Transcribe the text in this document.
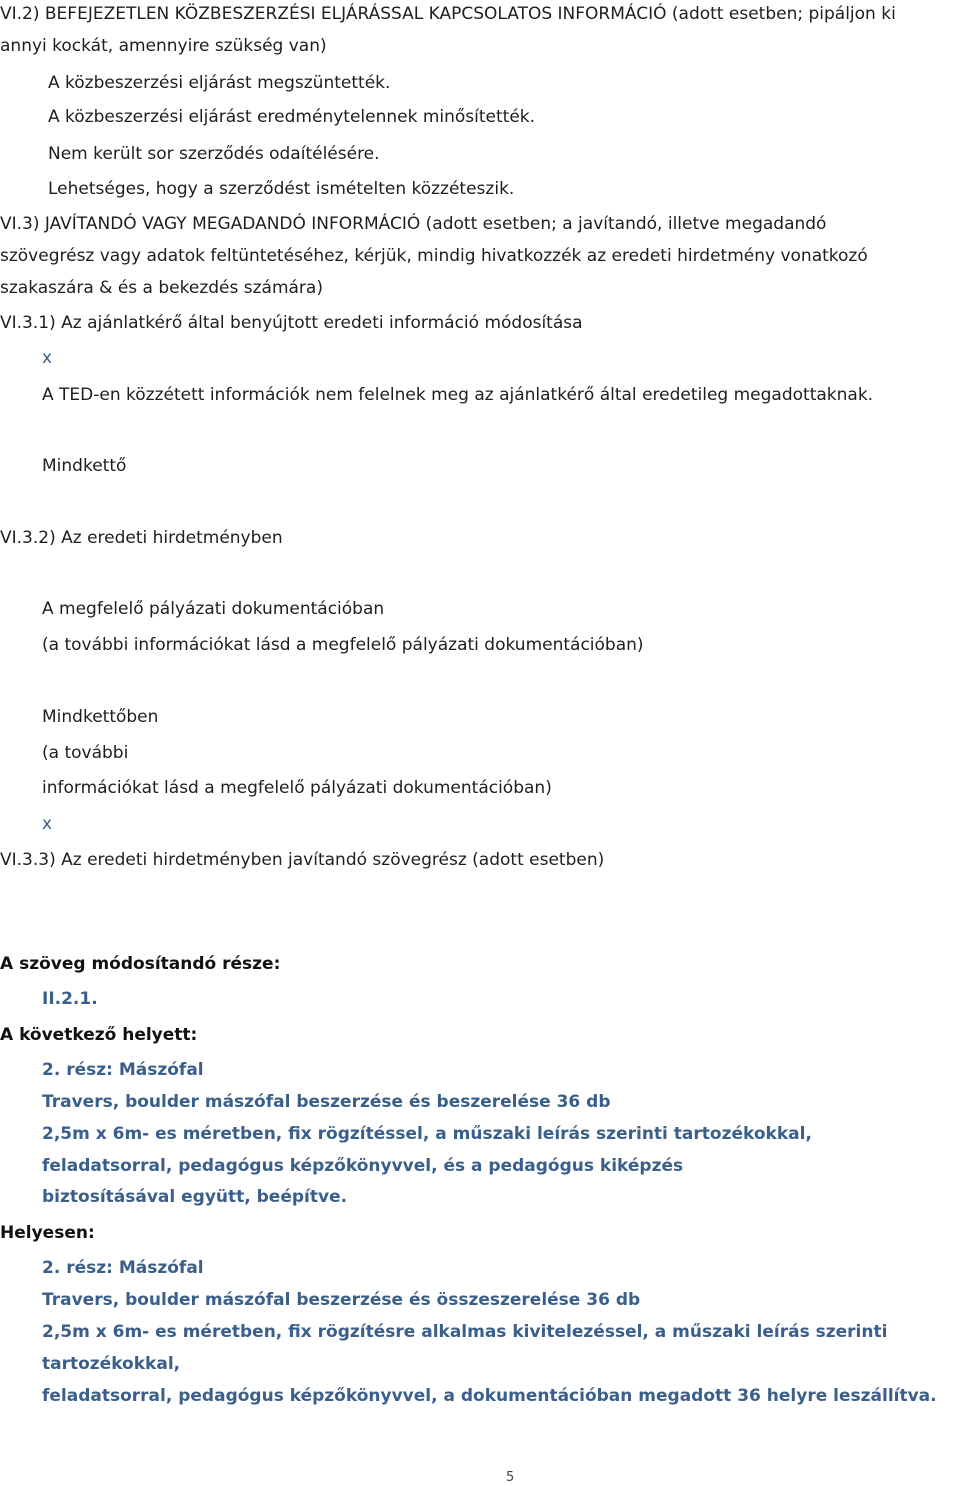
VI.2) BEFEJEZETLEN KÖZBESZERZÉSI ELJÁRÁSSAL KAPCSOLATOS INFORMÁCIÓ (adott esetben; pipáljon ki
annyi kockát, amennyire szükség van)
A közbeszerzési eljárást megszüntették.
A közbeszerzési eljárást eredménytelennek minősítették.
Nem került sor szerződés odaítélésére.
Lehetséges, hogy a szerződést ismételten közzéteszik.
VI.3) JAVÍTANDÓ VAGY MEGADANDÓ INFORMÁCIÓ (adott esetben; a javítandó, illetve megadandó
szövegrész vagy adatok feltüntetéséhez, kérjük, mindig hivatkozzék az eredeti hirdetmény vonatkozó
szakaszára & és a bekezdés számára)
VI.3.1) Az ajánlatkérő által benyújtott eredeti információ módosítása
x
A TED-en közzétett információk nem felelnek meg az ajánlatkérő által eredetileg megadottaknak.
Mindkettő
VI.3.2) Az eredeti hirdetményben
A megfelelő pályázati dokumentációban
(a további információkat lásd a megfelelő pályázati dokumentációban)
Mindkettőben
(a további
információkat lásd a megfelelő pályázati dokumentációban)
x
VI.3.3) Az eredeti hirdetményben javítandó szövegrész (adott esetben)
A szöveg módosítandó része:
II.2.1.
A következő helyett:
2. rész: Mászófal
Travers, boulder mászófal beszerzése és beszerelése 36 db
2,5m x 6m- es méretben, fix rögzítéssel, a műszaki leírás szerinti tartozékokkal,
feladatsorral, pedagógus képzőkönyvvel, és a pedagógus kiképzés
biztosításával együtt, beépítve.
Helyesen:
2. rész: Mászófal
Travers, boulder mászófal beszerzése és összeszerelése 36 db
2,5m x 6m- es méretben, fix rögzítésre alkalmas kivitelezéssel, a műszaki leírás szerinti
tartozékokkal,
feladatsorral, pedagógus képzőkönyvvel, a dokumentációban megadott 36 helyre leszállítva.
5
